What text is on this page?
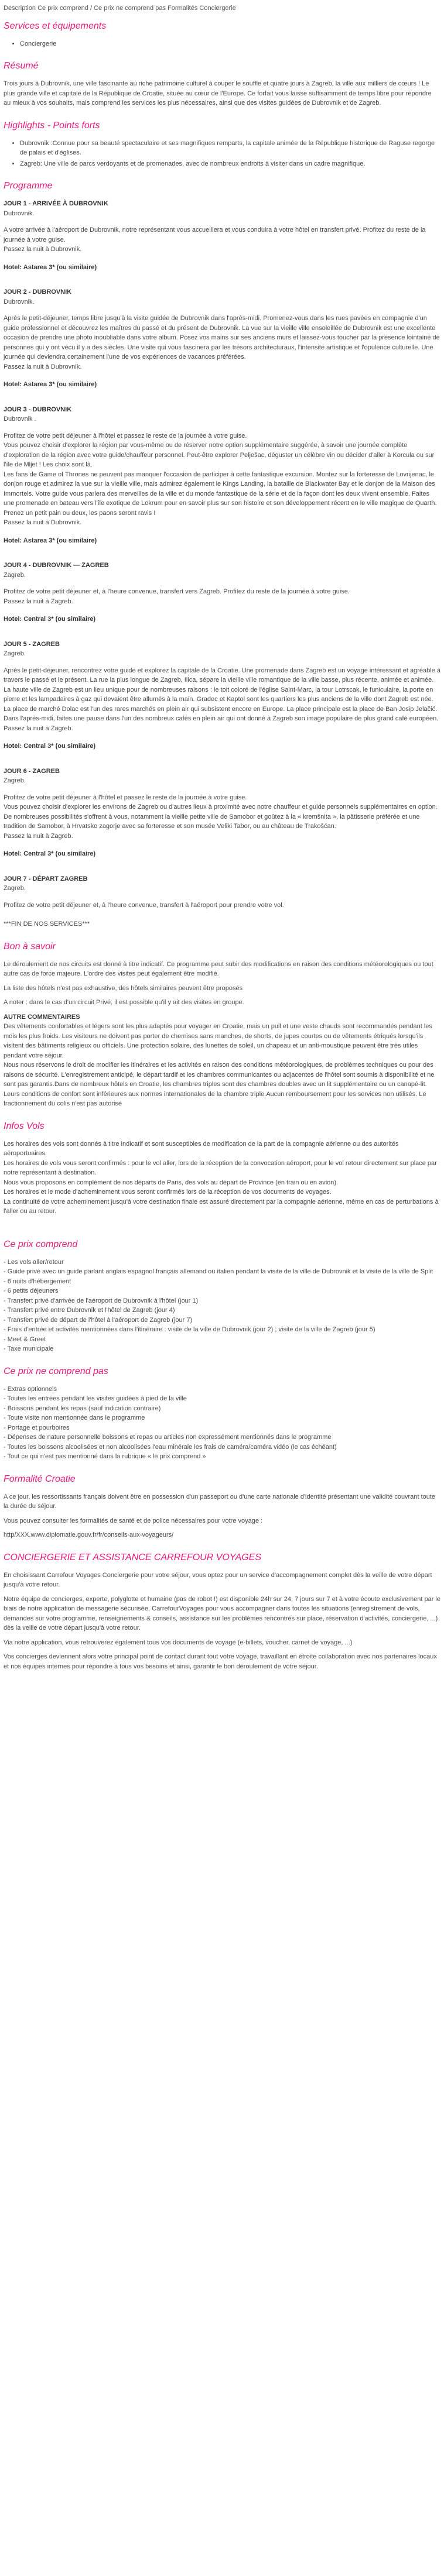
Description Ce prix comprend / Ce prix ne comprend pas Formalités Conciergerie
Services et équipements
• Conciergerie
Résumé

Trois jours à Dubrovnik, une ville fascinante au riche patrimoine culturel à couper le souffle et quatre jours à Zagreb, la ville aux milliers de cœurs ! Le plus grande ville et capitale de la République de Croatie, située au cœur de l'Europe. Ce forfait vous laisse suffisamment de temps libre pour répondre au mieux à vos souhaits, mais comprend les services les plus nécessaires, ainsi que des visites guidées de Dubrovnik et de Zagreb.

Highlights - Points forts
• Dubrovnik :Connue pour sa beauté spectaculaire et ses magnifiques remparts, la capitale animée de la République historique de Raguse regorge de palais et d'églises.
• Zagreb: Une ville de parcs verdoyants et de promenades, avec de nombreux endroits à visiter dans un cadre magnifique.
Programme
JOUR 1 - ARRIVÉE À DUBROVNIK
Dubrovnik.
A votre arrivée à l'aéroport de Dubrovnik, notre représentant vous accueillera et vous conduira à votre hôtel en transfert privé. Profitez du reste de la journée à votre guise.
Passez la nuit à Dubrovnik.
Hotel: Astarea 3* (ou similaire)
JOUR 2 - DUBROVNIK
Dubrovnik.
Après le petit-déjeuner, temps libre jusqu'à la visite guidée de Dubrovnik dans l'après-midi. Promenez-vous dans les rues pavées en compagnie d'un guide professionnel et découvrez les maîtres du passé et du présent de Dubrovnik. La vue sur la vieille ville ensoleillée de Dubrovnik est une excellente occasion de prendre une photo inoubliable dans votre album. Posez vos mains sur ses anciens murs et laissez-vous toucher par la présence lointaine de personnes qui y ont vécu il y a des siècles. Une visite qui vous fascinera par les trésors architecturaux, l'intensité artistique et l'opulence culturelle. Une journée qui deviendra certainement l'une de vos expériences de vacances préférées.
Passez la nuit à Dubrovnik.
Hotel: Astarea 3* (ou similaire)
JOUR 3 - DUBROVNIK
Dubrovnik .
Profitez de votre petit déjeuner à l'hôtel et passez le reste de la journée à votre guise.
Vous pouvez choisir d'explorer la région par vous-même ou de réserver notre option supplémentaire suggérée, à savoir une journée complète d'exploration de la région avec votre guide/chauffeur personnel. Peut-être explorer Pelješac, déguster un célèbre vin ou décider d'aller à Korcula ou sur l'île de Mljet ! Les choix sont là.
Les fans de Game of Thrones ne peuvent pas manquer l'occasion de participer à cette fantastique excursion. Montez sur la forteresse de Lovrijenac, le donjon rouge et admirez la vue sur la vieille ville, mais admirez également le Kings Landing, la bataille de Blackwater Bay et le donjon de la Maison des Immortels. Votre guide vous parlera des merveilles de la ville et du monde fantastique de la série et de la façon dont les deux vivent ensemble. Faites une promenade en bateau vers l'île exotique de Lokrum pour en savoir plus sur son histoire et son développement récent en le ville magique de Quarth. Prenez un petit pain ou deux, les paons seront ravis !
Passez la nuit à Dubrovnik.
Hotel: Astarea 3* (ou similaire)
JOUR 4 - DUBROVNIK — ZAGREB
Zagreb.
Profitez de votre petit déjeuner et, à l'heure convenue, transfert vers Zagreb. Profitez du reste de la journée à votre guise.
Passez la nuit à Zagreb.
Hotel: Central 3* (ou similaire)
JOUR 5 - ZAGREB
Zagreb.
Après le petit-déjeuner, rencontrez votre guide et explorez la capitale de la Croatie. Une promenade dans Zagreb est un voyage intéressant et agréable à travers le passé et le présent. La rue la plus longue de Zagreb, Ilica, sépare la vieille ville romantique de la ville basse, plus récente, animée et animée. La haute ville de Zagreb est un lieu unique pour de nombreuses raisons : le toit coloré de l'église Saint-Marc, la tour Lotrscak, le funiculaire, la porte en pierre et les lampadaires à gaz qui devaient être allumés à la main. Gradec et Kaptol sont les quartiers les plus anciens de la ville dont Zagreb est née. La place de marché Dolac est l'un des rares marchés en plein air qui subsistent encore en Europe. La place principale est la place de Ban Josip Jelačić. Dans l'après-midi, faites une pause dans l'un des nombreux cafés en plein air qui ont donné à Zagreb son image populaire de plus grand café européen.
Passez la nuit à Zagreb.
Hotel: Central 3* (ou similaire)
JOUR 6 - ZAGREB
Zagreb.
Profitez de votre petit déjeuner à l'hôtel et passez le reste de la journée à votre guise.
Vous pouvez choisir d'explorer les environs de Zagreb ou d'autres lieux à proximité avec notre chauffeur et guide personnels supplémentaires en option. De nombreuses possibilités s'offrent à vous, notamment la vieille petite ville de Samobor et goûtez à la « kremšnita », la pâtisserie préférée et une tradition de Samobor, à Hrvatsko zagorje avec sa forteresse et son musée Veliki Tabor, ou au château de Trakošćan.
Passez la nuit à Zagreb.
Hotel: Central 3* (ou similaire)
JOUR 7 - DÉPART ZAGREB
Zagreb.
Profitez de votre petit déjeuner et, à l'heure convenue, transfert à l'aéroport pour prendre votre vol.

***FIN DE NOS SERVICES***

Bon à savoir

Le déroulement de nos circuits est donné à titre indicatif. Ce programme peut subir des modifications en raison des conditions météorologiques ou tout autre cas de force majeure. L'ordre des visites peut également être modifié.

La liste des hôtels n'est pas exhaustive, des hôtels similaires peuvent être proposés

A noter : dans le cas d'un circuit Privé, il est possible qu'il y ait des visites en groupe.

AUTRE COMMENTAIRES

Des vêtements confortables et légers sont les plus adaptés pour voyager en Croatie, mais un pull et une veste chauds sont recommandés pendant les mois les plus froids. Les visiteurs ne doivent pas porter de chemises sans manches, de shorts, de jupes courtes ou de vêtements étriqués lorsqu'ils visitent des bâtiments religieux ou officiels. Une protection solaire, des lunettes de soleil, un chapeau et un anti-moustique peuvent être très utiles pendant votre séjour.
Nous nous réservons le droit de modifier les itinéraires et les activités en raison des conditions météorologiques, de problèmes techniques ou pour des raisons de sécurité. L'enregistrement anticipé, le départ tardif et les chambres communicantes ou adjacentes de l'hôtel sont soumis à disponibilité et ne sont pas garantis.Dans de nombreux hôtels en Croatie, les chambres triples sont des chambres doubles avec un lit supplémentaire ou un canapé-lit. Leurs conditions de confort sont inférieures aux normes internationales de la chambre triple.Aucun remboursement pour les services non utilisés. Le fractionnement du colis n'est pas autorisé

Infos Vols

Les horaires des vols sont donnés à titre indicatif et sont susceptibles de modification de la part de la compagnie aérienne ou des autorités aéroportuaires.
Les horaires de vols vous seront confirmés : pour le vol aller, lors de la réception de la convocation aéroport, pour le vol retour directement sur place par notre représentant à destination.
Nous vous proposons en complément de nos départs de Paris, des vols au départ de Province (en train ou en avion).
Les horaires et le mode d'acheminement vous seront confirmés lors de la réception de vos documents de voyages.
La continuité de votre acheminement jusqu'à votre destination finale est assuré directement par la compagnie aérienne, même en cas de perturbations à l'aller ou au retour.

Ce prix comprend
- Les vols aller/retour
- Guide privé avec un guide parlant anglais espagnol français allemand ou italien pendant la visite de la ville de Dubrovnik et la visite de la ville de Split
- 6 nuits d'hébergement
- 6 petits déjeuners
- Transfert privé d'arrivée de l'aéroport de Dubrovnik à l'hôtel (jour 1)
- Transfert privé entre Dubrovnik et l'hôtel de Zagreb (jour 4)
- Transfert privé de départ de l'hôtel à l'aéroport de Zagreb (jour 7)
- Frais d'entrée et activités mentionnées dans l'itinéraire : visite de la ville de Dubrovnik (jour 2) ; visite de la ville de Zagreb (jour 5)
- Meet & Greet
- Taxe municipale
Ce prix ne comprend pas
- Extras optionnels
- Toutes les entrées pendant les visites guidées à pied de la ville
- Boissons pendant les repas (sauf indication contraire)
- Toute visite non mentionnée dans le programme
- Portage et pourboires
- Dépenses de nature personnelle boissons et repas ou articles non expressément mentionnés dans le programme
- Toutes les boissons alcoolisées et non alcoolisées l'eau minérale les frais de caméra/caméra vidéo (le cas échéant)
- Tout ce qui n'est pas mentionné dans la rubrique « le prix comprend »
Formalité Croatie

A ce jour, les ressortissants français doivent être en possession d'un passeport ou d'une carte nationale d'identité présentant une validité couvrant toute la durée du séjour.

Vous pouvez consulter les formalités de santé et de police nécessaires pour votre voyage :

http/XXX.www.diplomatie.gouv.fr/fr/conseils-aux-voyageurs/

CONCIERGERIE ET ASSISTANCE CARREFOUR VOYAGES

En choisissant Carrefour Voyages Conciergerie pour votre séjour, vous optez pour un service d'accompagnement complet dès la veille de votre départ jusqu'à votre retour.

Notre équipe de concierges, experte, polyglotte et humaine (pas de robot !) est disponible 24h sur 24, 7 jours sur 7 et à votre écoute exclusivement par le biais de notre application de messagerie sécurisée, CarrefourVoyages pour vous accompagner dans toutes les situations (enregistrement de vols, demandes sur votre programme, renseignements & conseils, assistance sur les problèmes rencontrés sur place, réservation d'activités, conciergerie, ...) dès la veille de votre départ jusqu'à votre retour.

Via notre application, vous retrouverez également tous vos documents de voyage (e-billets, voucher, carnet de voyage, ...)

Vos concierges deviennent alors votre principal point de contact durant tout votre voyage, travaillant en étroite collaboration avec nos partenaires locaux et nos équipes internes pour répondre à tous vos besoins et ainsi, garantir le bon déroulement de votre séjour.
